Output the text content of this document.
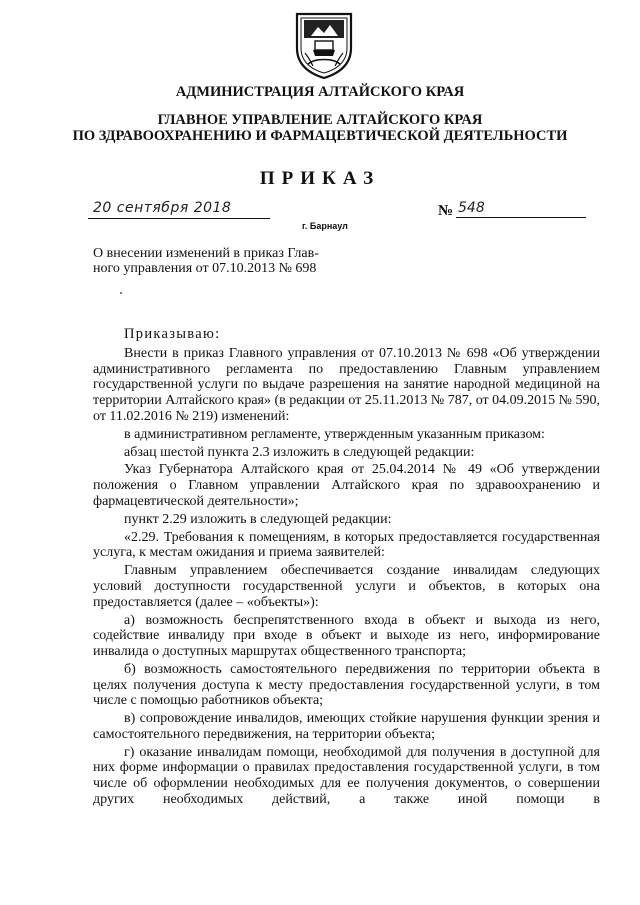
АДМИНИСТРАЦИЯ АЛТАЙСКОГО КРАЯ
ГЛАВНОЕ УПРАВЛЕНИЕ АЛТАЙСКОГО КРАЯ
ПО ЗДРАВООХРАНЕНИЮ И ФАРМАЦЕВТИЧЕСКОЙ ДЕЯТЕЛЬНОСТИ
ПРИКАЗ
20 сентября 2018
г. Барнаул
№ 548
О внесении изменений в приказ Глав-
ного управления от 07.10.2013 № 698
Приказываю:

Внести в приказ Главного управления от 07.10.2013 № 698 «Об утверждении административного регламента по предоставлению Главным управлением государственной услуги по выдаче разрешения на занятие народной медициной на территории Алтайского края» (в редакции от 25.11.2013 № 787, от 04.09.2015 № 590, от 11.02.2016 № 219) изменений:

в административном регламенте, утвержденным указанным приказом:

абзац шестой пункта 2.3 изложить в следующей редакции:

Указ Губернатора Алтайского края от 25.04.2014 № 49 «Об утверждении положения о Главном управлении Алтайского края по здравоохранению и фармацевтической деятельности»;

пункт 2.29 изложить в следующей редакции:

«2.29. Требования к помещениям, в которых предоставляется государственная услуга, к местам ожидания и приема заявителей:

Главным управлением обеспечивается создание инвалидам следующих условий доступности государственной услуги и объектов, в которых она предоставляется (далее – «объекты»):

а) возможность беспрепятственного входа в объект и выхода из него, содействие инвалиду при входе в объект и выходе из него, информирование инвалида о доступных маршрутах общественного транспорта;

б) возможность самостоятельного передвижения по территории объекта в целях получения доступа к месту предоставления государственной услуги, в том числе с помощью работников объекта;

в) сопровождение инвалидов, имеющих стойкие нарушения функции зрения и самостоятельного передвижения, на территории объекта;

г) оказание инвалидам помощи, необходимой для получения в доступной для них форме информации о правилах предоставления государственной услуги, в том числе об оформлении необходимых для ее получения документов, о совершении других необходимых действий, а также иной помощи в
